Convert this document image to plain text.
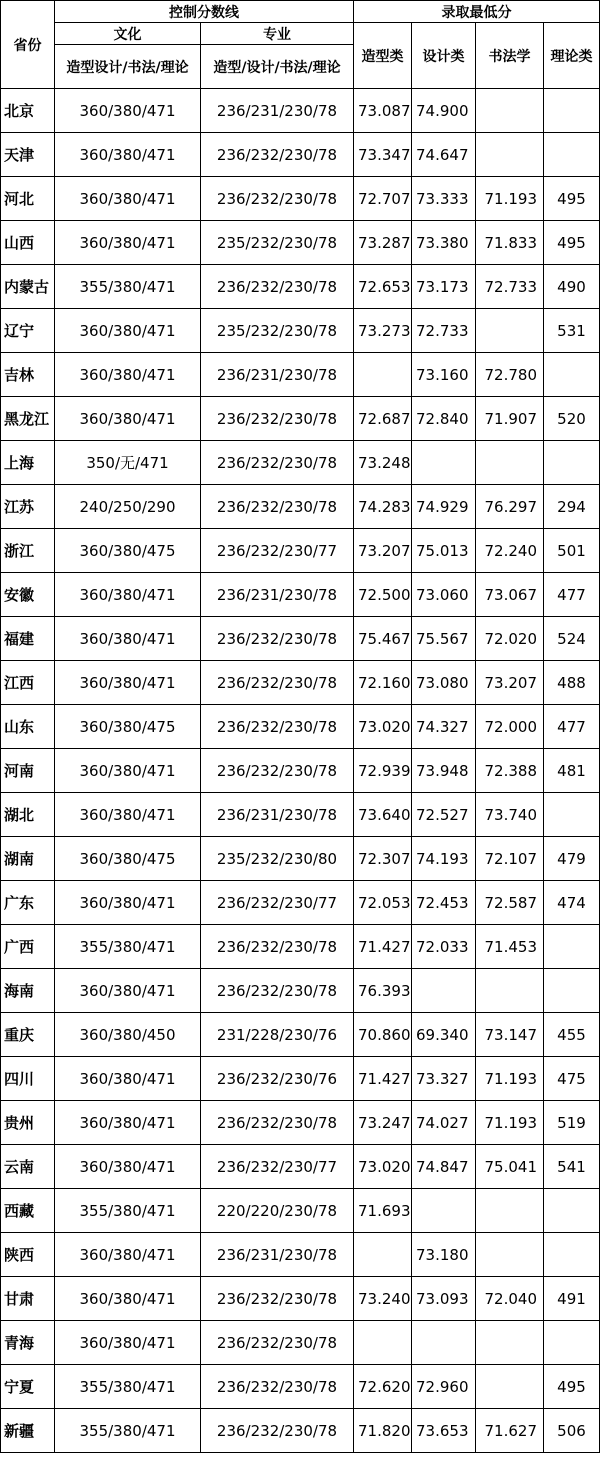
省份	控制分数线		录取最低分			
	文化	专业	造型类	设计类	书法学	理论类
	造型设计/书法/理论	造型/设计/书法/理论				
北京	360/380/471	236/231/230/78	73.087	74.900		
天津	360/380/471	236/232/230/78	73.347	74.647		
河北	360/380/471	236/232/230/78	72.707	73.333	71.193	495
山西	360/380/471	235/232/230/78	73.287	73.380	71.833	495
内蒙古	355/380/471	236/232/230/78	72.653	73.173	72.733	490
辽宁	360/380/471	235/232/230/78	73.273	72.733		531
吉林	360/380/471	236/231/230/78		73.160	72.780	
黑龙江	360/380/471	236/232/230/78	72.687	72.840	71.907	520
上海	350/无/471	236/232/230/78	73.248			
江苏	240/250/290	236/232/230/78	74.283	74.929	76.297	294
浙江	360/380/475	236/232/230/77	73.207	75.013	72.240	501
安徽	360/380/471	236/231/230/78	72.500	73.060	73.067	477
福建	360/380/471	236/232/230/78	75.467	75.567	72.020	524
江西	360/380/471	236/232/230/78	72.160	73.080	73.207	488
山东	360/380/475	236/232/230/78	73.020	74.327	72.000	477
河南	360/380/471	236/232/230/78	72.939	73.948	72.388	481
湖北	360/380/471	236/231/230/78	73.640	72.527	73.740	
湖南	360/380/475	235/232/230/80	72.307	74.193	72.107	479
广东	360/380/471	236/232/230/77	72.053	72.453	72.587	474
广西	355/380/471	236/232/230/78	71.427	72.033	71.453	
海南	360/380/471	236/232/230/78	76.393			
重庆	360/380/450	231/228/230/76	70.860	69.340	73.147	455
四川	360/380/471	236/232/230/76	71.427	73.327	71.193	475
贵州	360/380/471	236/232/230/78	73.247	74.027	71.193	519
云南	360/380/471	236/232/230/77	73.020	74.847	75.041	541
西藏	355/380/471	220/220/230/78	71.693			
陕西	360/380/471	236/231/230/78		73.180		
甘肃	360/380/471	236/232/230/78	73.240	73.093	72.040	491
青海	360/380/471	236/232/230/78				
宁夏	355/380/471	236/232/230/78	72.620	72.960		495
新疆	355/380/471	236/232/230/78	71.820	73.653	71.627	506
